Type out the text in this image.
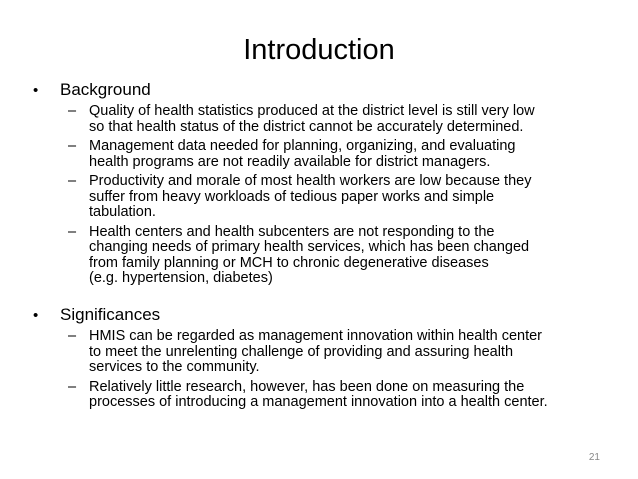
Introduction
•	Background
– Quality of health statistics produced at the district level is still very low
so that health status of the district cannot be accurately determined.
– Management data needed for planning, organizing, and evaluating
health programs are not readily available for district managers.
– Productivity and morale of most health workers are low because they
suffer from heavy workloads of tedious paper works and simple
tabulation.
– Health centers and health subcenters are not responding to the
changing needs of primary health services, which has been changed
from family planning or MCH to chronic degenerative diseases
(e.g. hypertension, diabetes)
•	Significances
– HMIS can be regarded as management innovation within health center
to meet the unrelenting challenge of providing and assuring health
services to the community.
– Relatively little research, however, has been done on measuring the
processes of introducing a management innovation into a health center.
21
